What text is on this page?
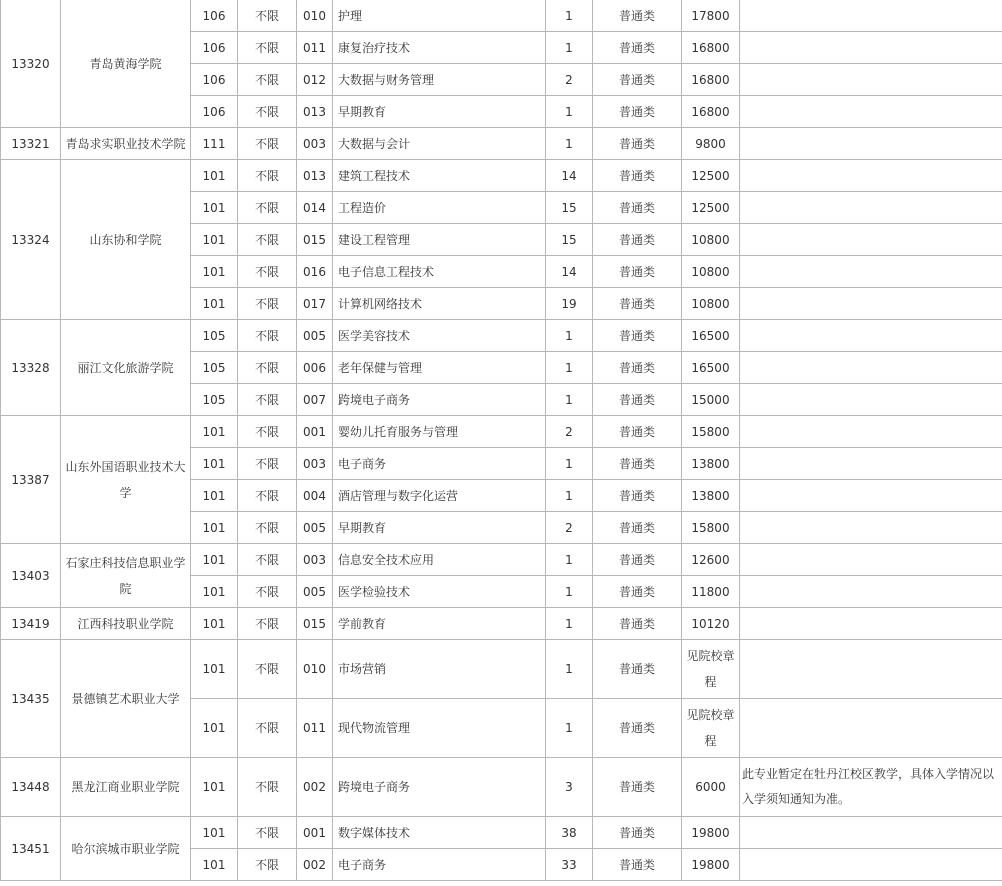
13320	青岛黄海学院	106	不限	010	护理	1	普通类	17800	
		106	不限	011	康复治疗技术	1	普通类	16800	
		106	不限	012	大数据与财务管理	2	普通类	16800	
		106	不限	013	早期教育	1	普通类	16800	
13321	青岛求实职业技术学院	111	不限	003	大数据与会计	1	普通类	9800	
13324	山东协和学院	101	不限	013	建筑工程技术	14	普通类	12500	
		101	不限	014	工程造价	15	普通类	12500	
		101	不限	015	建设工程管理	15	普通类	10800	
		101	不限	016	电子信息工程技术	14	普通类	10800	
		101	不限	017	计算机网络技术	19	普通类	10800	
13328	丽江文化旅游学院	105	不限	005	医学美容技术	1	普通类	16500	
		105	不限	006	老年保健与管理	1	普通类	16500	
		105	不限	007	跨境电子商务	1	普通类	15000	
13387	山东外国语职业技术大学	101	不限	001	婴幼儿托育服务与管理	2	普通类	15800	
		101	不限	003	电子商务	1	普通类	13800	
		101	不限	004	酒店管理与数字化运营	1	普通类	13800	
		101	不限	005	早期教育	2	普通类	15800	
13403	石家庄科技信息职业学院	101	不限	003	信息安全技术应用	1	普通类	12600	
		101	不限	005	医学检验技术	1	普通类	11800	
13419	江西科技职业学院	101	不限	015	学前教育	1	普通类	10120	
13435	景德镇艺术职业大学	101	不限	010	市场营销	1	普通类	见院校章程	
		101	不限	011	现代物流管理	1	普通类	见院校章程	
13448	黑龙江商业职业学院	101	不限	002	跨境电子商务	3	普通类	6000	此专业暂定在牡丹江校区教学，具体入学情况以入学须知通知为准。
13451	哈尔滨城市职业学院	101	不限	001	数字媒体技术	38	普通类	19800	
		101	不限	002	电子商务	33	普通类	19800	
